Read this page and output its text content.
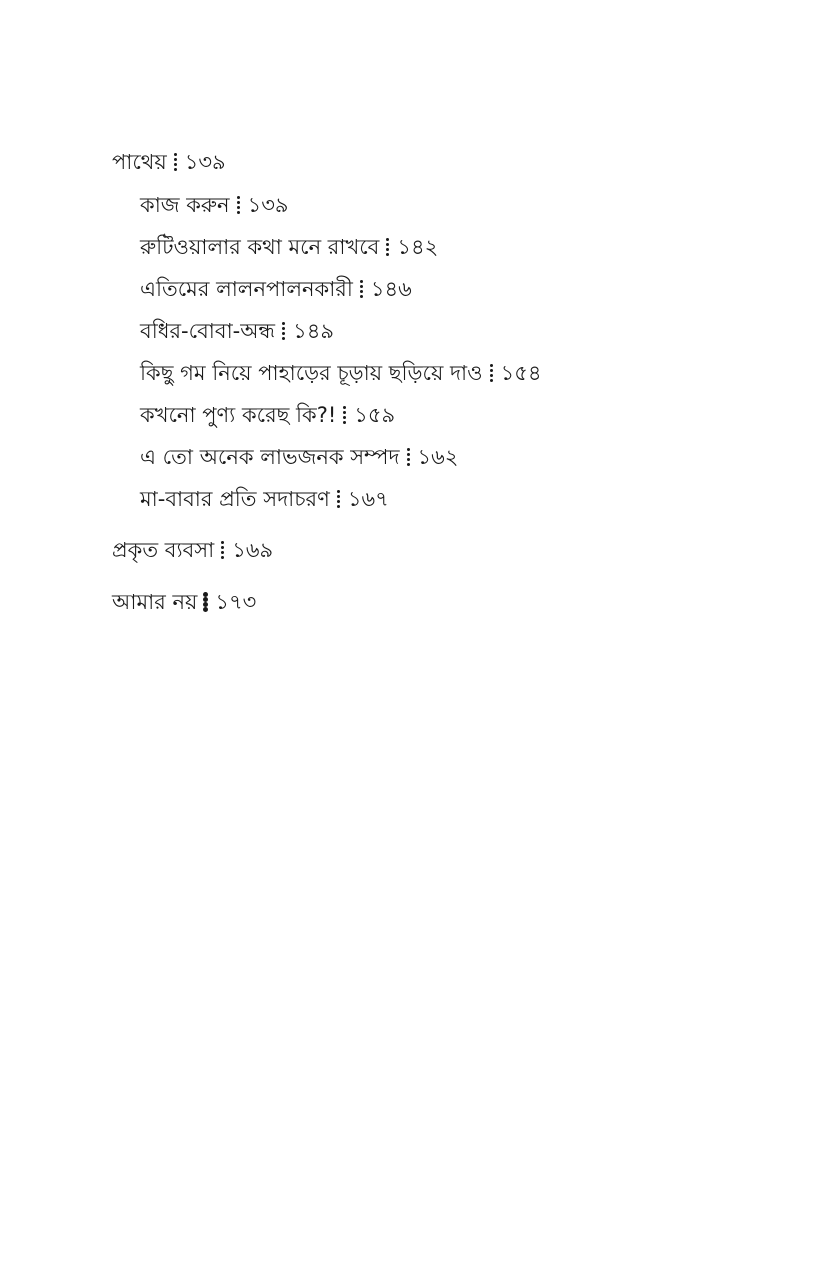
পাথেয় ১৩৯
কাজ করুন ১৩৯
রুটিওয়ালার কথা মনে রাখবে ১৪২
এতিমের লালনপালনকারী ১৪৬
বধির-বোবা-অন্ধ ১৪৯
কিছু গম নিয়ে পাহাড়ের চূড়ায় ছড়িয়ে দাও ১৫৪
কখনো পুণ্য করেছ কি?! ১৫৯
এ তো অনেক লাভজনক সম্পদ ১৬২
মা-বাবার প্রতি সদাচরণ ১৬৭
প্রকৃত ব্যবসা ১৬৯
আমার নয় ১৭৩
